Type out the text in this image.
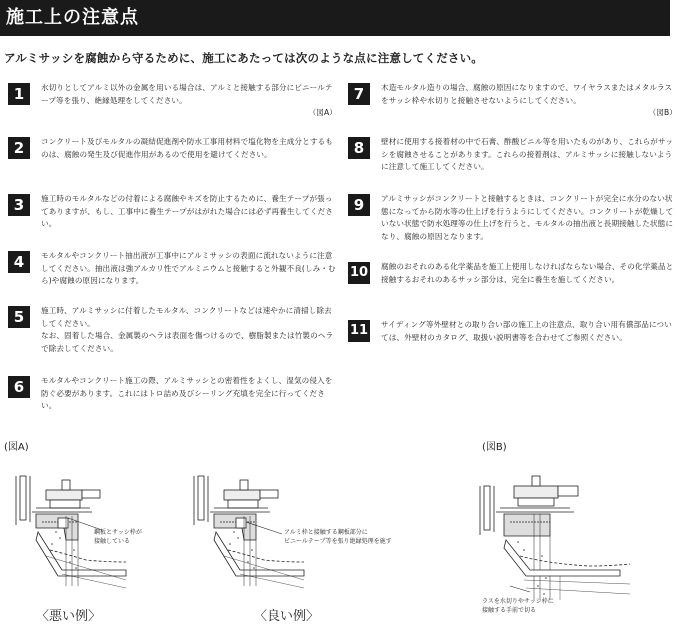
施工上の注意点
アルミサッシを腐蝕から守るために、施工にあたっては次のような点に注意してください。
1	水切りとしてアルミ以外の金属を用いる場合は、アルミと接触する部分にビニールテープ等を張り、絶縁処理をしてください。
（図A）
2	コンクリート及びモルタルの凝結促進剤や防水工事用材料で塩化物を主成分とするものは、腐蝕の発生及び促進作用があるので使用を避けてください。
3	施工時のモルタルなどの付着による腐蝕やキズを防止するために、養生テープが張ってありますが、もし、工事中に養生テープがはがれた場合には必ず再養生してください。
4	モルタルやコンクリート抽出液が工事中にアルミサッシの表面に流れないように注意してください。抽出液は強アルカリ性でアルミニウムと接触すると外観不良(しみ・むら)や腐蝕の原因になります。
5	施工時、アルミサッシに付着したモルタル、コンクリートなどは速やかに清掃し除去してください。
なお、固着した場合、金属製のヘラは表面を傷つけるので、樹脂製または竹製のヘラで除去してください。
6	モルタルやコンクリート施工の際、アルミサッシとの密着性をよくし、湿気の侵入を防ぐ必要があります。これにはトロ詰め及びシーリング充填を完全に行ってください。
7	木造モルタル造りの場合、腐蝕の原因になりますので、ワイヤラスまたはメタルラスをサッシ枠や水切りと接触させないようにしてください。
（図B）
8	壁材に使用する接着材の中で石膏、酢酸ビニル等を用いたものがあり、これらがサッシを腐蝕させることがあります。これらの接着剤は、アルミサッシに接触しないように注意して施工してください。
9	アルミサッシがコンクリートと接触するときは、コンクリートが完全に水分のない状態になってから防水等の仕上げを行うようにしてください。コンクリートが乾燥していない状態で防水処理等の仕上げを行うと、モルタルの抽出液と長期接触した状態になり、腐蝕の原因となります。
10 腐蝕のおそれのある化学薬品を施工上使用しなければならない場合、その化学薬品と接触するおそれのあるサッシ部分は、完全に養生を施してください。
11 サイディング等外壁材との取り合い部の施工上の注意点、取り合い用有償部品については、外壁材のカタログ、取扱い説明書等を合わせてご参照ください。
(図A)	(図B)
鋼板とサッシ枠が
接触している
〈悪い例〉
アルミ枠と接触する鋼板部分に
ビニールテープ等を張り絶縁処理を施す
〈良い例〉
ラスを水切りやサッシ枠に
接触する手前で切る
